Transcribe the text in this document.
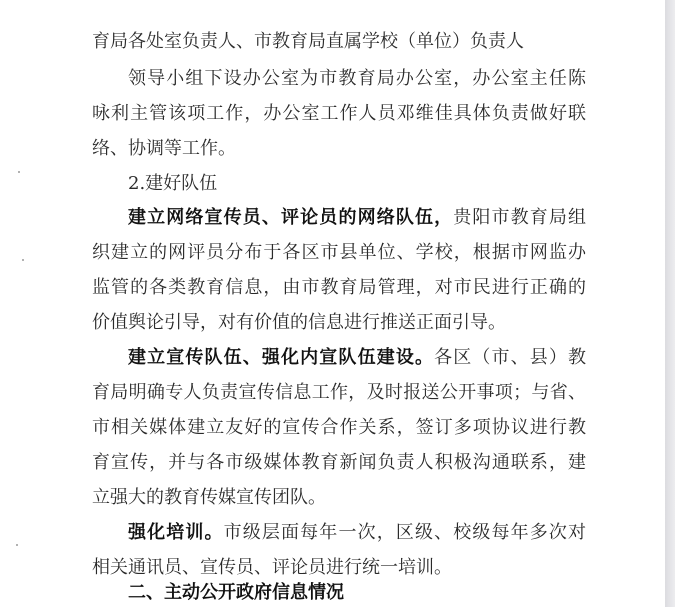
育局各处室负责人、市教育局直属学校（单位）负责人
领导小组下设办公室为市教育局办公室，办公室主任陈
咏利主管该项工作，办公室工作人员邓维佳具体负责做好联
络、协调等工作。
2.建好队伍
建立网络宣传员、评论员的网络队伍，贵阳市教育局组
织建立的网评员分布于各区市县单位、学校，根据市网监办
监管的各类教育信息，由市教育局管理，对市民进行正确的
价值舆论引导，对有价值的信息进行推送正面引导。
建立宣传队伍、强化内宣队伍建设。各区（市、县）教
育局明确专人负责宣传信息工作，及时报送公开事项；与省、
市相关媒体建立友好的宣传合作关系，签订多项协议进行教
育宣传，并与各市级媒体教育新闻负责人积极沟通联系，建
立强大的教育传媒宣传团队。
强化培训。市级层面每年一次，区级、校级每年多次对
相关通讯员、宣传员、评论员进行统一培训。
二、主动公开政府信息情况
